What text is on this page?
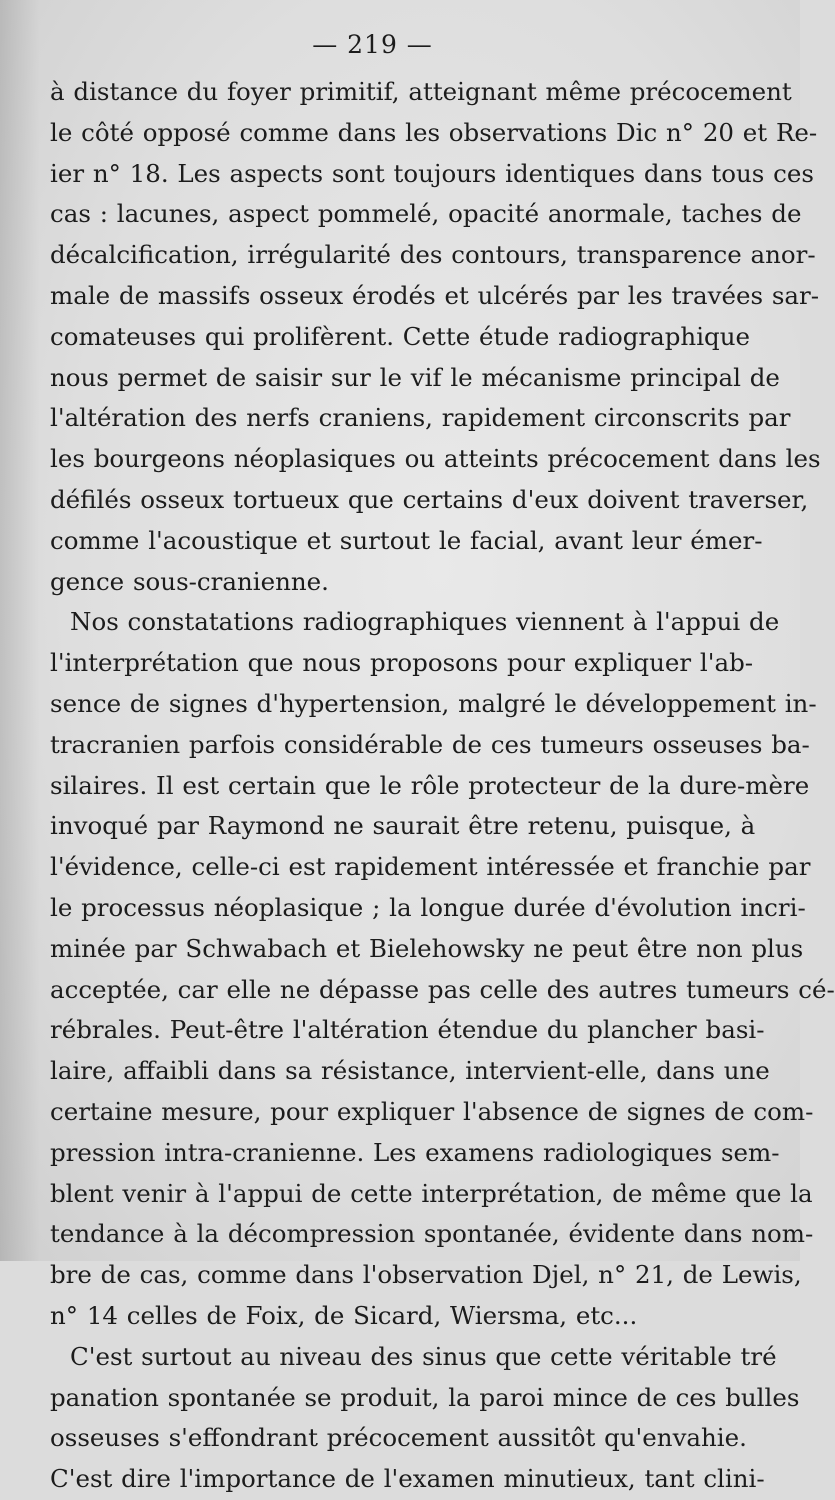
— 219 —
à distance du foyer primitif, atteignant même précocement
le côté opposé comme dans les observations Dic n° 20 et Re-
ier n° 18. Les aspects sont toujours identiques dans tous ces
cas : lacunes, aspect pommelé, opacité anormale, taches de
décalcification, irrégularité des contours, transparence anor-
male de massifs osseux érodés et ulcérés par les travées sar-
comateuses qui prolifèrent. Cette étude radiographique
nous permet de saisir sur le vif le mécanisme principal de
l'altération des nerfs craniens, rapidement circonscrits par
les bourgeons néoplasiques ou atteints précocement dans les
défilés osseux tortueux que certains d'eux doivent traverser,
comme l'acoustique et surtout le facial, avant leur émer-
gence sous-cranienne.
Nos constatations radiographiques viennent à l'appui de
l'interprétation que nous proposons pour expliquer l'ab-
sence de signes d'hypertension, malgré le développement in-
tracranien parfois considérable de ces tumeurs osseuses ba-
silaires. Il est certain que le rôle protecteur de la dure-mère
invoqué par Raymond ne saurait être retenu, puisque, à
l'évidence, celle-ci est rapidement intéressée et franchie par
le processus néoplasique ; la longue durée d'évolution incri-
minée par Schwabach et Bielehowsky ne peut être non plus
acceptée, car elle ne dépasse pas celle des autres tumeurs cé-
rébrales. Peut-être l'altération étendue du plancher basi-
laire, affaibli dans sa résistance, intervient-elle, dans une
certaine mesure, pour expliquer l'absence de signes de com-
pression intra-cranienne. Les examens radiologiques sem-
blent venir à l'appui de cette interprétation, de même que la
tendance à la décompression spontanée, évidente dans nom-
bre de cas, comme dans l'observation Djel, n° 21, de Lewis,
n° 14 celles de Foix, de Sicard, Wiersma, etc...
C'est surtout au niveau des sinus que cette véritable tré
panation spontanée se produit, la paroi mince de ces bulles
osseuses s'effondrant précocement aussitôt qu'envahie.
C'est dire l'importance de l'examen minutieux, tant clini-
